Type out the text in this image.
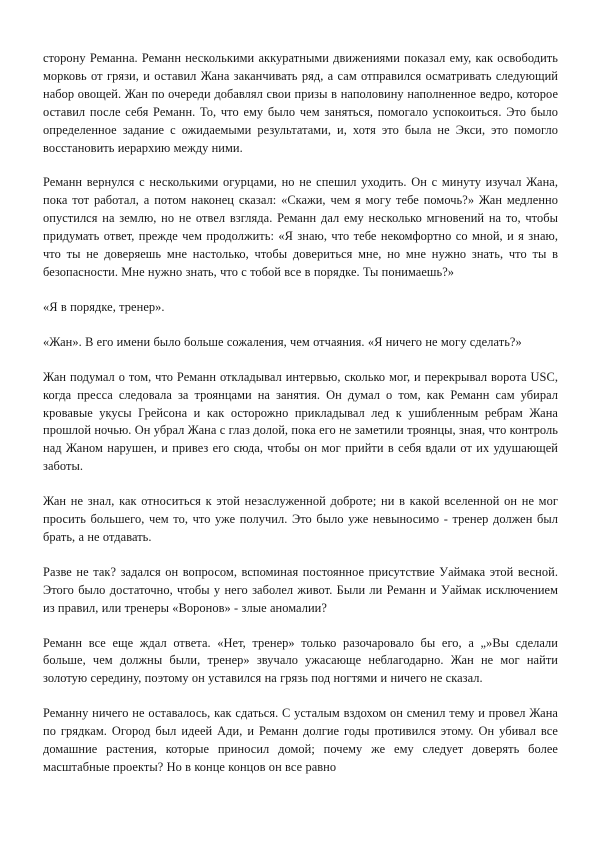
сторону Реманна. Реманн несколькими аккуратными движениями показал ему, как освободить морковь от грязи, и оставил Жана заканчивать ряд, а сам отправился осматривать следующий набор овощей. Жан по очереди добавлял свои призы в наполовину наполненное ведро, которое оставил после себя Реманн. То, что ему было чем заняться, помогало успокоиться. Это было определенное задание с ожидаемыми результатами, и, хотя это была не Экси, это помогло восстановить иерархию между ними.

Реманн вернулся с несколькими огурцами, но не спешил уходить. Он с минуту изучал Жана, пока тот работал, а потом наконец сказал: «Скажи, чем я могу тебе помочь?» Жан медленно опустился на землю, но не отвел взгляда. Реманн дал ему несколько мгновений на то, чтобы придумать ответ, прежде чем продолжить: «Я знаю, что тебе некомфортно со мной, и я знаю, что ты не доверяешь мне настолько, чтобы довериться мне, но мне нужно знать, что ты в безопасности. Мне нужно знать, что с тобой все в порядке. Ты понимаешь?»

«Я в порядке, тренер».

«Жан». В его имени было больше сожаления, чем отчаяния. «Я ничего не могу сделать?»

Жан подумал о том, что Реманн откладывал интервью, сколько мог, и перекрывал ворота USC, когда пресса следовала за троянцами на занятия. Он думал о том, как Реманн сам убирал кровавые укусы Грейсона и как осторожно прикладывал лед к ушибленным ребрам Жана прошлой ночью. Он убрал Жана с глаз долой, пока его не заметили троянцы, зная, что контроль над Жаном нарушен, и привез его сюда, чтобы он мог прийти в себя вдали от их удушающей заботы.

Жан не знал, как относиться к этой незаслуженной доброте; ни в какой вселенной он не мог просить большего, чем то, что уже получил. Это было уже невыносимо - тренер должен был брать, а не отдавать.

Разве не так? задался он вопросом, вспоминая постоянное присутствие Уаймака этой весной. Этого было достаточно, чтобы у него заболел живот. Были ли Реманн и Уаймак исключением из правил, или тренеры «Воронов» - злые аномалии?

Реманн все еще ждал ответа. «Нет, тренер» только разочаровало бы его, а „»Вы сделали больше, чем должны были, тренер» звучало ужасающе неблагодарно. Жан не мог найти золотую середину, поэтому он уставился на грязь под ногтями и ничего не сказал.

Реманну ничего не оставалось, как сдаться. С усталым вздохом он сменил тему и провел Жана по грядкам. Огород был идеей Ади, и Реманн долгие годы противился этому. Он убивал все домашние растения, которые приносил домой; почему же ему следует доверять более масштабные проекты? Но в конце концов он все равно
